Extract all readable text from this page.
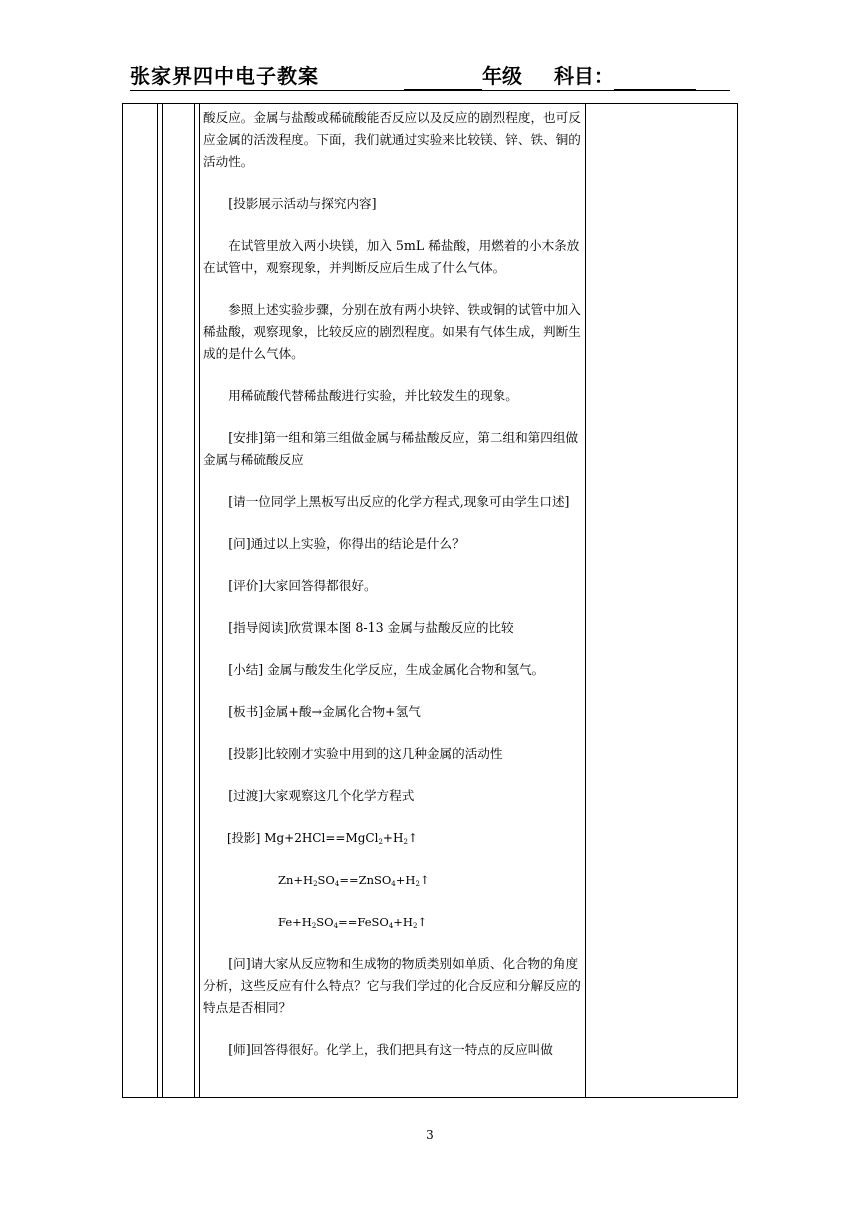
张家界四中电子教案	年级 科目：

酸反应。金属与盐酸或稀硫酸能否反应以及反应的剧烈程度，也可反应金属的活泼程度。下面，我们就通过实验来比较镁、锌、铁、铜的活动性。

[投影展示活动与探究内容]

在试管里放入两小块镁，加入 5mL 稀盐酸，用燃着的小木条放在试管中，观察现象，并判断反应后生成了什么气体。

参照上述实验步骤，分别在放有两小块锌、铁或铜的试管中加入稀盐酸，观察现象，比较反应的剧烈程度。如果有气体生成，判断生成的是什么气体。

用稀硫酸代替稀盐酸进行实验，并比较发生的现象。

[安排]第一组和第三组做金属与稀盐酸反应，第二组和第四组做金属与稀硫酸反应

[请一位同学上黑板写出反应的化学方程式,现象可由学生口述]

[问]通过以上实验，你得出的结论是什么？

[评价]大家回答得都很好。

[指导阅读]欣赏课本图 8-13 金属与盐酸反应的比较

[小结] 金属与酸发生化学反应，生成金属化合物和氢气。

[板书]金属+酸→金属化合物+氢气

[投影]比较刚才实验中用到的这几种金属的活动性

[过渡]大家观察这几个化学方程式

[投影] $Mg+2HCl==MgCl_2+H_2↑$

$Zn+H_2SO_4==ZnSO_4+H_2↑$

$Fe+H_2SO_4==FeSO_4+H_2↑$

[问]请大家从反应物和生成物的物质类别如单质、化合物的角度分析，这些反应有什么特点？它与我们学过的化合反应和分解反应的特点是否相同？

[师]回答得很好。化学上，我们把具有这一特点的反应叫做

3
